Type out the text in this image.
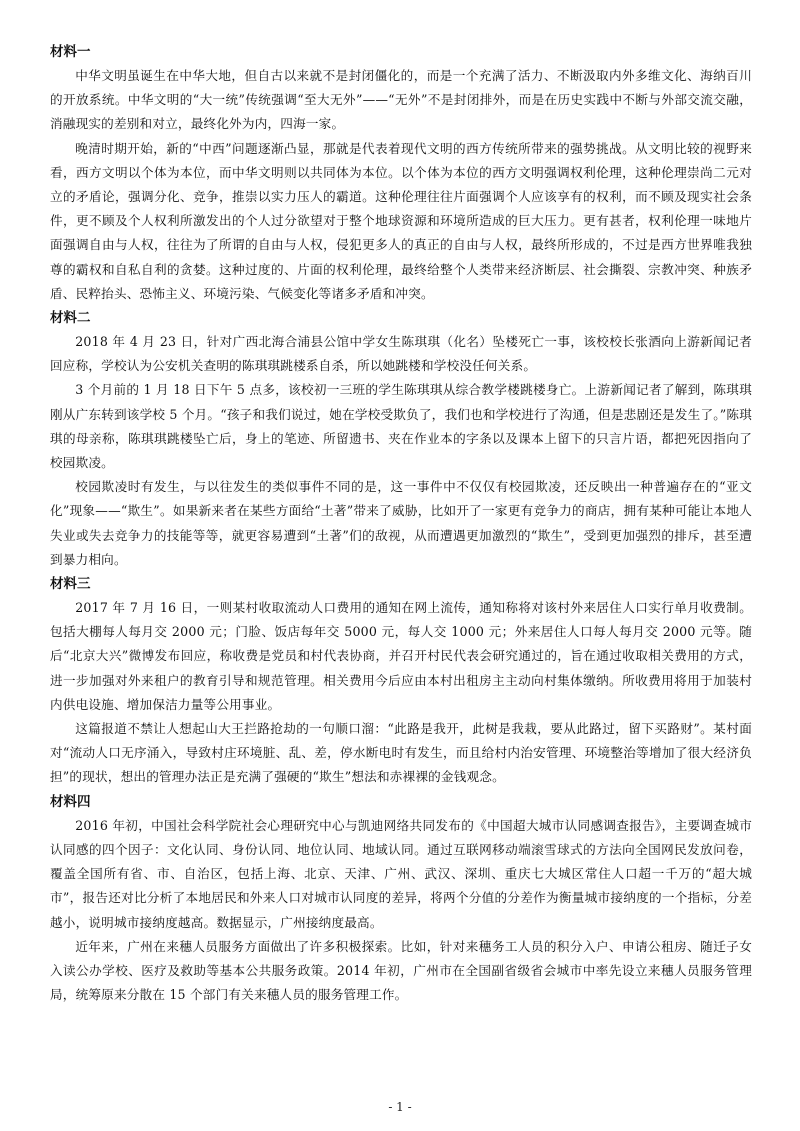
材料一

中华文明虽诞生在中华大地，但自古以来就不是封闭僵化的，而是一个充满了活力、不断汲取内外多维文化、海纳百川的开放系统。中华文明的“大一统”传统强调“至大无外”——“无外”不是封闭排外，而是在历史实践中不断与外部交流交融，消融现实的差别和对立，最终化外为内，四海一家。

晚清时期开始，新的“中西”问题逐渐凸显，那就是代表着现代文明的西方传统所带来的强势挑战。从文明比较的视野来看，西方文明以个体为本位，而中华文明则以共同体为本位。以个体为本位的西方文明强调权利伦理，这种伦理崇尚二元对立的矛盾论，强调分化、竞争，推崇以实力压人的霸道。这种伦理往往片面强调个人应该享有的权利，而不顾及现实社会条件，更不顾及个人权利所激发出的个人过分欲望对于整个地球资源和环境所造成的巨大压力。更有甚者，权利伦理一味地片面强调自由与人权，往往为了所谓的自由与人权，侵犯更多人的真正的自由与人权，最终所形成的，不过是西方世界唯我独尊的霸权和自私自利的贪婪。这种过度的、片面的权利伦理，最终给整个人类带来经济断层、社会撕裂、宗教冲突、种族矛盾、民粹抬头、恐怖主义、环境污染、气候变化等诸多矛盾和冲突。

材料二

2018 年 4 月 23 日，针对广西北海合浦县公馆中学女生陈琪琪（化名）坠楼死亡一事，该校校长张酒向上游新闻记者回应称，学校认为公安机关查明的陈琪琪跳楼系自杀，所以她跳楼和学校没任何关系。

3 个月前的 1 月 18 日下午 5 点多，该校初一三班的学生陈琪琪从综合教学楼跳楼身亡。上游新闻记者了解到，陈琪琪刚从广东转到该学校 5 个月。“孩子和我们说过，她在学校受欺负了，我们也和学校进行了沟通，但是悲剧还是发生了。”陈琪琪的母亲称，陈琪琪跳楼坠亡后，身上的笔迹、所留遗书、夹在作业本的字条以及课本上留下的只言片语，都把死因指向了校园欺凌。

校园欺凌时有发生，与以往发生的类似事件不同的是，这一事件中不仅仅有校园欺凌，还反映出一种普遍存在的“亚文化”现象——“欺生”。如果新来者在某些方面给“土著”带来了威胁，比如开了一家更有竞争力的商店，拥有某种可能让本地人失业或失去竞争力的技能等等，就更容易遭到“土著”们的敌视，从而遭遇更加激烈的“欺生”，受到更加强烈的排斥，甚至遭到暴力相向。

材料三

2017 年 7 月 16 日，一则某村收取流动人口费用的通知在网上流传，通知称将对该村外来居住人口实行单月收费制。包括大棚每人每月交 2000 元；门脸、饭店每年交 5000 元，每人交 1000 元；外来居住人口每人每月交 2000 元等。随后“北京大兴”微博发布回应，称收费是党员和村代表协商，并召开村民代表会研究通过的，旨在通过收取相关费用的方式，进一步加强对外来租户的教育引导和规范管理。相关费用今后应由本村出租房主主动向村集体缴纳。所收费用将用于加装村内供电设施、增加保洁力量等公用事业。

这篇报道不禁让人想起山大王拦路抢劫的一句顺口溜：“此路是我开，此树是我栽，要从此路过，留下买路财”。某村面对“流动人口无序涌入，导致村庄环境脏、乱、差，停水断电时有发生，而且给村内治安管理、环境整治等增加了很大经济负担”的现状，想出的管理办法正是充满了强硬的“欺生”想法和赤裸裸的金钱观念。

材料四

2016 年初，中国社会科学院社会心理研究中心与凯迪网络共同发布的《中国超大城市认同感调查报告》，主要调查城市认同感的四个因子：文化认同、身份认同、地位认同、地域认同。通过互联网移动端滚雪球式的方法向全国网民发放问卷，覆盖全国所有省、市、自治区，包括上海、北京、天津、广州、武汉、深圳、重庆七大城区常住人口超一千万的“超大城市”，报告还对比分析了本地居民和外来人口对城市认同度的差异，将两个分值的分差作为衡量城市接纳度的一个指标，分差越小，说明城市接纳度越高。数据显示，广州接纳度最高。

近年来，广州在来穗人员服务方面做出了许多积极探索。比如，针对来穗务工人员的积分入户、申请公租房、随迁子女入读公办学校、医疗及救助等基本公共服务政策。2014 年初，广州市在全国副省级省会城市中率先设立来穗人员服务管理局，统筹原来分散在 15 个部门有关来穗人员的服务管理工作。

- 1 -
